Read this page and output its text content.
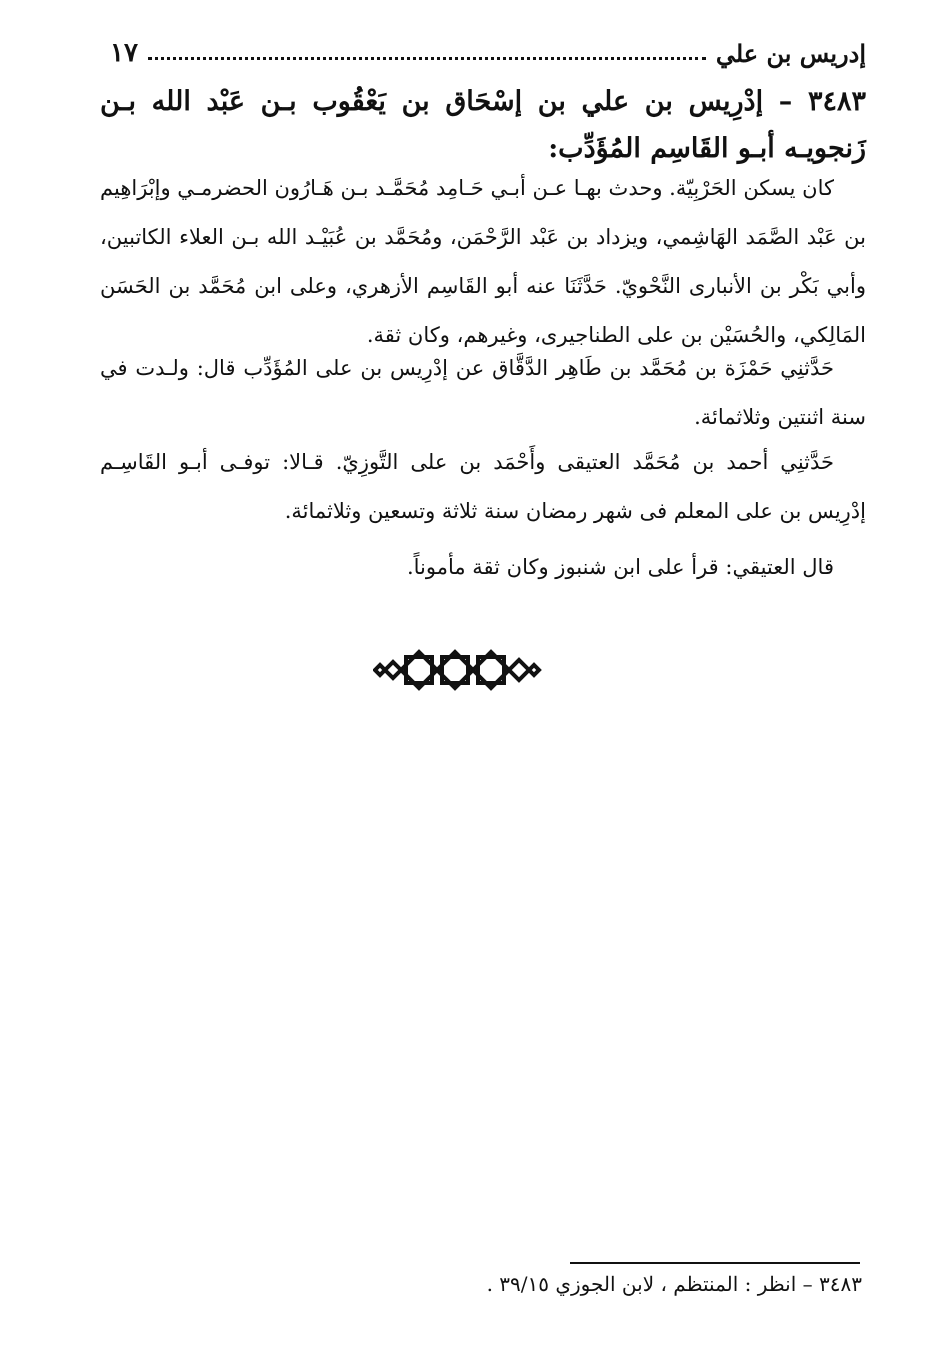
إدريس بن علي
١٧
٣٤٨٣ – إدْرِيس بن علي بن إسْحَاق بن يَعْقُوب بـن عَبْد الله بـن زَنجويـه أبـو القَاسِم المُؤَدِّب:

كان يسكن الحَرْبِيّة. وحدث بهـا عـن أبـي حَـامِد مُحَمَّـد بـن هَـارُون الحضرمـي وإبْرَاهِيم بن عَبْد الصَّمَد الهَاشِمي، ويزداد بن عَبْد الرَّحْمَن، ومُحَمَّد بن عُبَيْـد الله بـن العلاء الكاتبين، وأبي بَكْر بن الأنبارى النَّحْويّ. حَدَّثَنَا عنه أبو القَاسِم الأزهري، وعلى ابن مُحَمَّد بن الحَسَن المَالِكي، والحُسَيْن بن على الطناجيرى، وغيرهم، وكان ثقة.

حَدَّثنِي حَمْزَة بن مُحَمَّد بن طَاهِر الدَّقَّاق عن إدْرِيس بن على المُؤَدِّب قال: ولـدت في سنة اثنتين وثلاثمائة.

حَدَّثنِي أحمد بن مُحَمَّد العتيقى وأَحْمَد بن على التَّوزِيّ. قـالا: توفـى أبـو القَاسِـم إدْرِيس بن على المعلم فى شهر رمضان سنة ثلاثة وتسعين وثلاثمائة.

قال العتيقي: قرأ على ابن شنبوز وكان ثقة مأموناً.

٣٤٨٣ – انظر : المنتظم ، لابن الجوزي ٣٩/١٥ .
